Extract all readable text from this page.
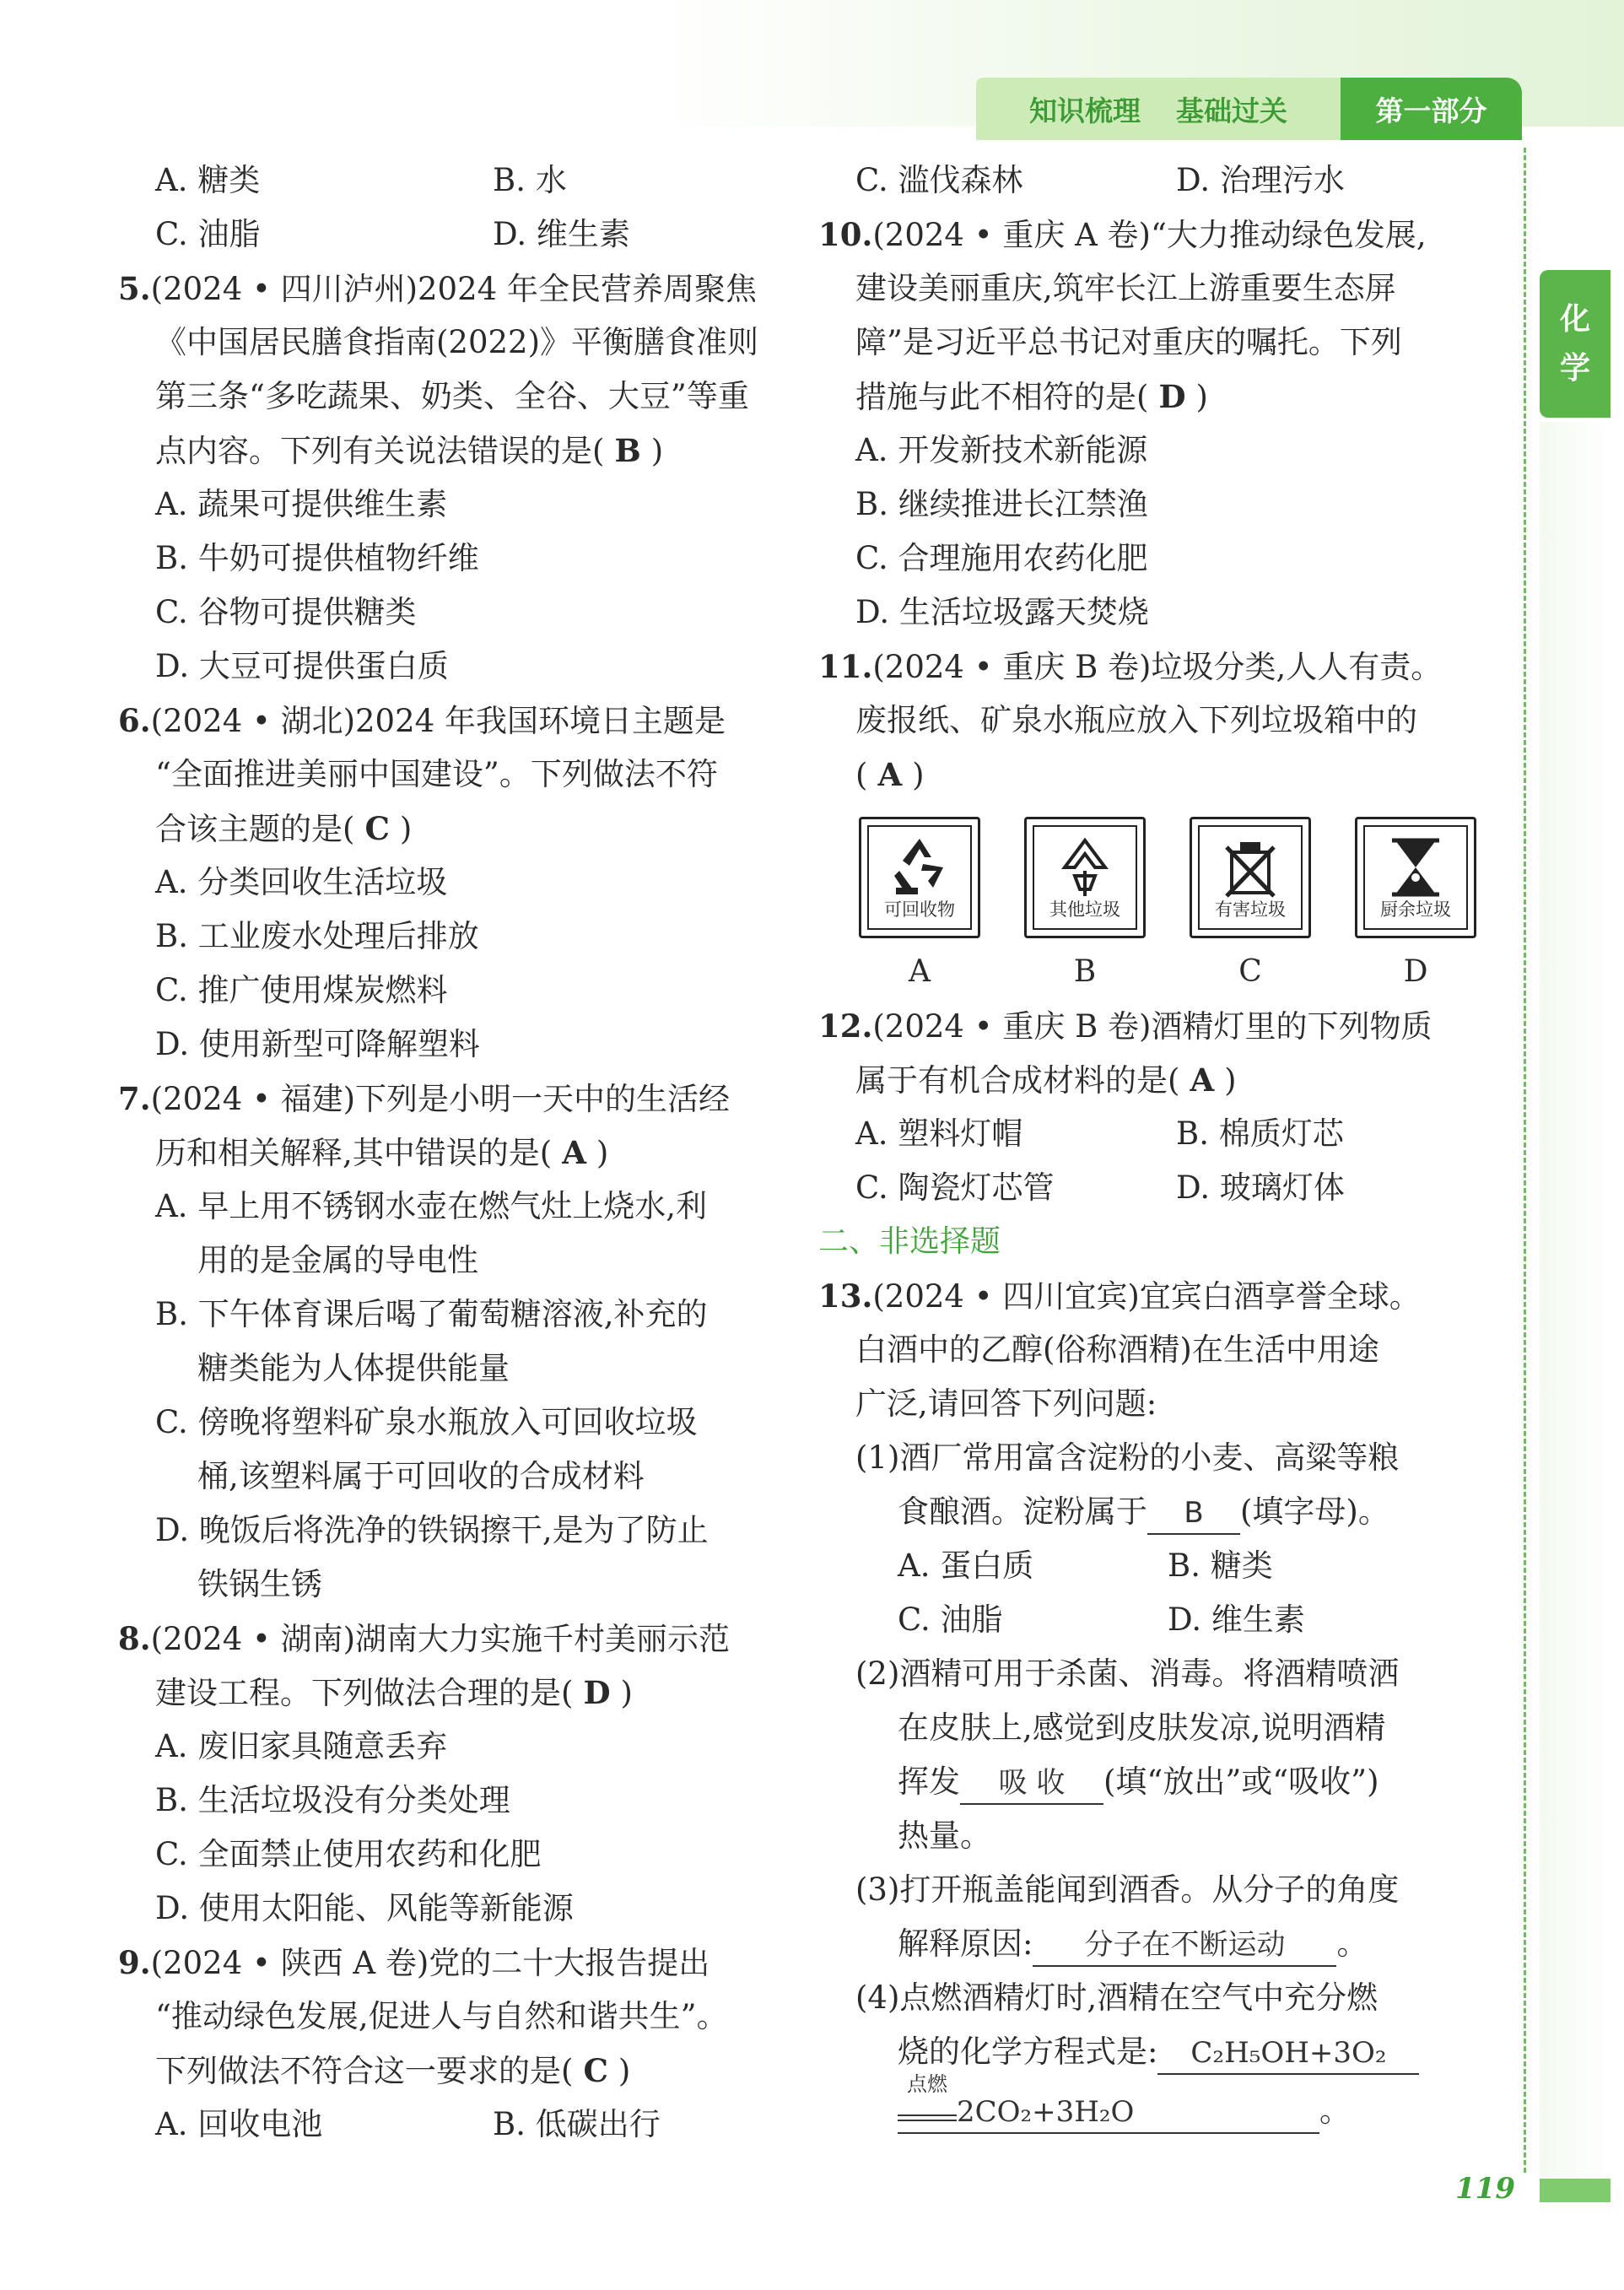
知识梳理 基础过关	第一部分
化
学
A. 糖类	B. 水
C. 油脂	D. 维生素
5.(2024 • 四川泸州)2024 年全民营养周聚焦
《中国居民膳食指南(2022)》平衡膳食准则
第三条“多吃蔬果、奶类、全谷、大豆”等重
点内容。下列有关说法错误的是( B )
A. 蔬果可提供维生素
B. 牛奶可提供植物纤维
C. 谷物可提供糖类
D. 大豆可提供蛋白质
6.(2024 • 湖北)2024 年我国环境日主题是
“全面推进美丽中国建设”。下列做法不符
合该主题的是( C )
A. 分类回收生活垃圾
B. 工业废水处理后排放
C. 推广使用煤炭燃料
D. 使用新型可降解塑料
7.(2024 • 福建)下列是小明一天中的生活经
历和相关解释,其中错误的是( A )
A. 早上用不锈钢水壶在燃气灶上烧水,利
用的是金属的导电性
B. 下午体育课后喝了葡萄糖溶液,补充的
糖类能为人体提供能量
C. 傍晚将塑料矿泉水瓶放入可回收垃圾
桶,该塑料属于可回收的合成材料
D. 晚饭后将洗净的铁锅擦干,是为了防止
铁锅生锈
8.(2024 • 湖南)湖南大力实施千村美丽示范
建设工程。下列做法合理的是( D )
A. 废旧家具随意丢弃
B. 生活垃圾没有分类处理
C. 全面禁止使用农药和化肥
D. 使用太阳能、风能等新能源
9.(2024 • 陕西 A 卷)党的二十大报告提出
“推动绿色发展,促进人与自然和谐共生”。
下列做法不符合这一要求的是( C )
A. 回收电池	B. 低碳出行
C. 滥伐森林	D. 治理污水
10.(2024 • 重庆 A 卷)“大力推动绿色发展,
建设美丽重庆,筑牢长江上游重要生态屏
障”是习近平总书记对重庆的嘱托。下列
措施与此不相符的是( D )
A. 开发新技术新能源
B. 继续推进长江禁渔
C. 合理施用农药化肥
D. 生活垃圾露天焚烧
11.(2024 • 重庆 B 卷)垃圾分类,人人有责。
废报纸、矿泉水瓶应放入下列垃圾箱中的
( A )
可回收物	其他垃圾	有害垃圾	厨余垃圾
A	B	C	D
12.(2024 • 重庆 B 卷)酒精灯里的下列物质
属于有机合成材料的是( A )
A. 塑料灯帽	B. 棉质灯芯
C. 陶瓷灯芯管	D. 玻璃灯体
二、非选择题
13.(2024 • 四川宜宾)宜宾白酒享誉全球。
白酒中的乙醇(俗称酒精)在生活中用途
广泛,请回答下列问题:
(1)酒厂常用富含淀粉的小麦、高粱等粮
食酿酒。淀粉属于 B (填字母)。
A. 蛋白质	B. 糖类
C. 油脂	D. 维生素
(2)酒精可用于杀菌、消毒。将酒精喷洒
在皮肤上,感觉到皮肤发凉,说明酒精
挥发 吸 收 (填“放出”或“吸收”)
热量。
(3)打开瓶盖能闻到酒香。从分子的角度
解释原因: 分子在不断运动 。
(4)点燃酒精灯时,酒精在空气中充分燃
烧的化学方程式是: C₂H₅OH+3O₂
点燃
2CO₂+3H₂O	。
119
